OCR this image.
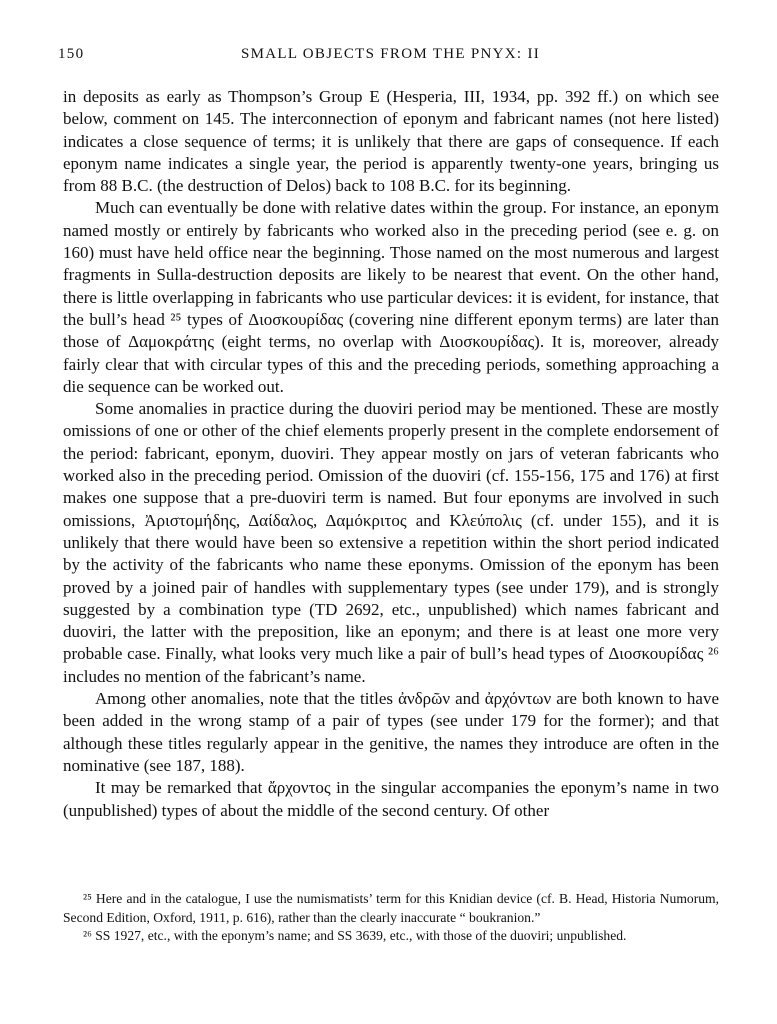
150	SMALL OBJECTS FROM THE PNYX: II

in deposits as early as Thompson’s Group E (Hesperia, III, 1934, pp. 392 ff.) on which see below, comment on 145. The interconnection of eponym and fabricant names (not here listed) indicates a close sequence of terms; it is unlikely that there are gaps of consequence. If each eponym name indicates a single year, the period is apparently twenty-one years, bringing us from 88 B.C. (the destruction of Delos) back to 108 B.C. for its beginning.

Much can eventually be done with relative dates within the group. For instance, an eponym named mostly or entirely by fabricants who worked also in the preceding period (see e. g. on 160) must have held office near the beginning. Those named on the most numerous and largest fragments in Sulla-destruction deposits are likely to be nearest that event. On the other hand, there is little overlapping in fabricants who use particular devices: it is evident, for instance, that the bull’s head ²⁵ types of Διοσκουρίδας (covering nine different eponym terms) are later than those of Δαμοκράτης (eight terms, no overlap with Διοσκουρίδας). It is, moreover, already fairly clear that with circular types of this and the preceding periods, something approaching a die sequence can be worked out.

Some anomalies in practice during the duoviri period may be mentioned. These are mostly omissions of one or other of the chief elements properly present in the complete endorsement of the period: fabricant, eponym, duoviri. They appear mostly on jars of veteran fabricants who worked also in the preceding period. Omission of the duoviri (cf. 155-156, 175 and 176) at first makes one suppose that a pre-duoviri term is named. But four eponyms are involved in such omissions, Ἀριστομήδης, Δαίδαλος, Δαμόκριτος and Κλεύπολις (cf. under 155), and it is unlikely that there would have been so extensive a repetition within the short period indicated by the activity of the fabricants who name these eponyms. Omission of the eponym has been proved by a joined pair of handles with supplementary types (see under 179), and is strongly suggested by a combination type (TD 2692, etc., unpublished) which names fabricant and duoviri, the latter with the preposition, like an eponym; and there is at least one more very probable case. Finally, what looks very much like a pair of bull’s head types of Διοσκουρίδας ²⁶ includes no mention of the fabricant’s name.

Among other anomalies, note that the titles ἀνδρῶν and ἀρχόντων are both known to have been added in the wrong stamp of a pair of types (see under 179 for the former); and that although these titles regularly appear in the genitive, the names they introduce are often in the nominative (see 187, 188).

It may be remarked that ἄρχοντος in the singular accompanies the eponym’s name in two (unpublished) types of about the middle of the second century. Of other

²⁵ Here and in the catalogue, I use the numismatists’ term for this Knidian device (cf. B. Head, Historia Numorum, Second Edition, Oxford, 1911, p. 616), rather than the clearly inaccurate “ boukranion.”

²⁶ SS 1927, etc., with the eponym’s name; and SS 3639, etc., with those of the duoviri; unpublished.
